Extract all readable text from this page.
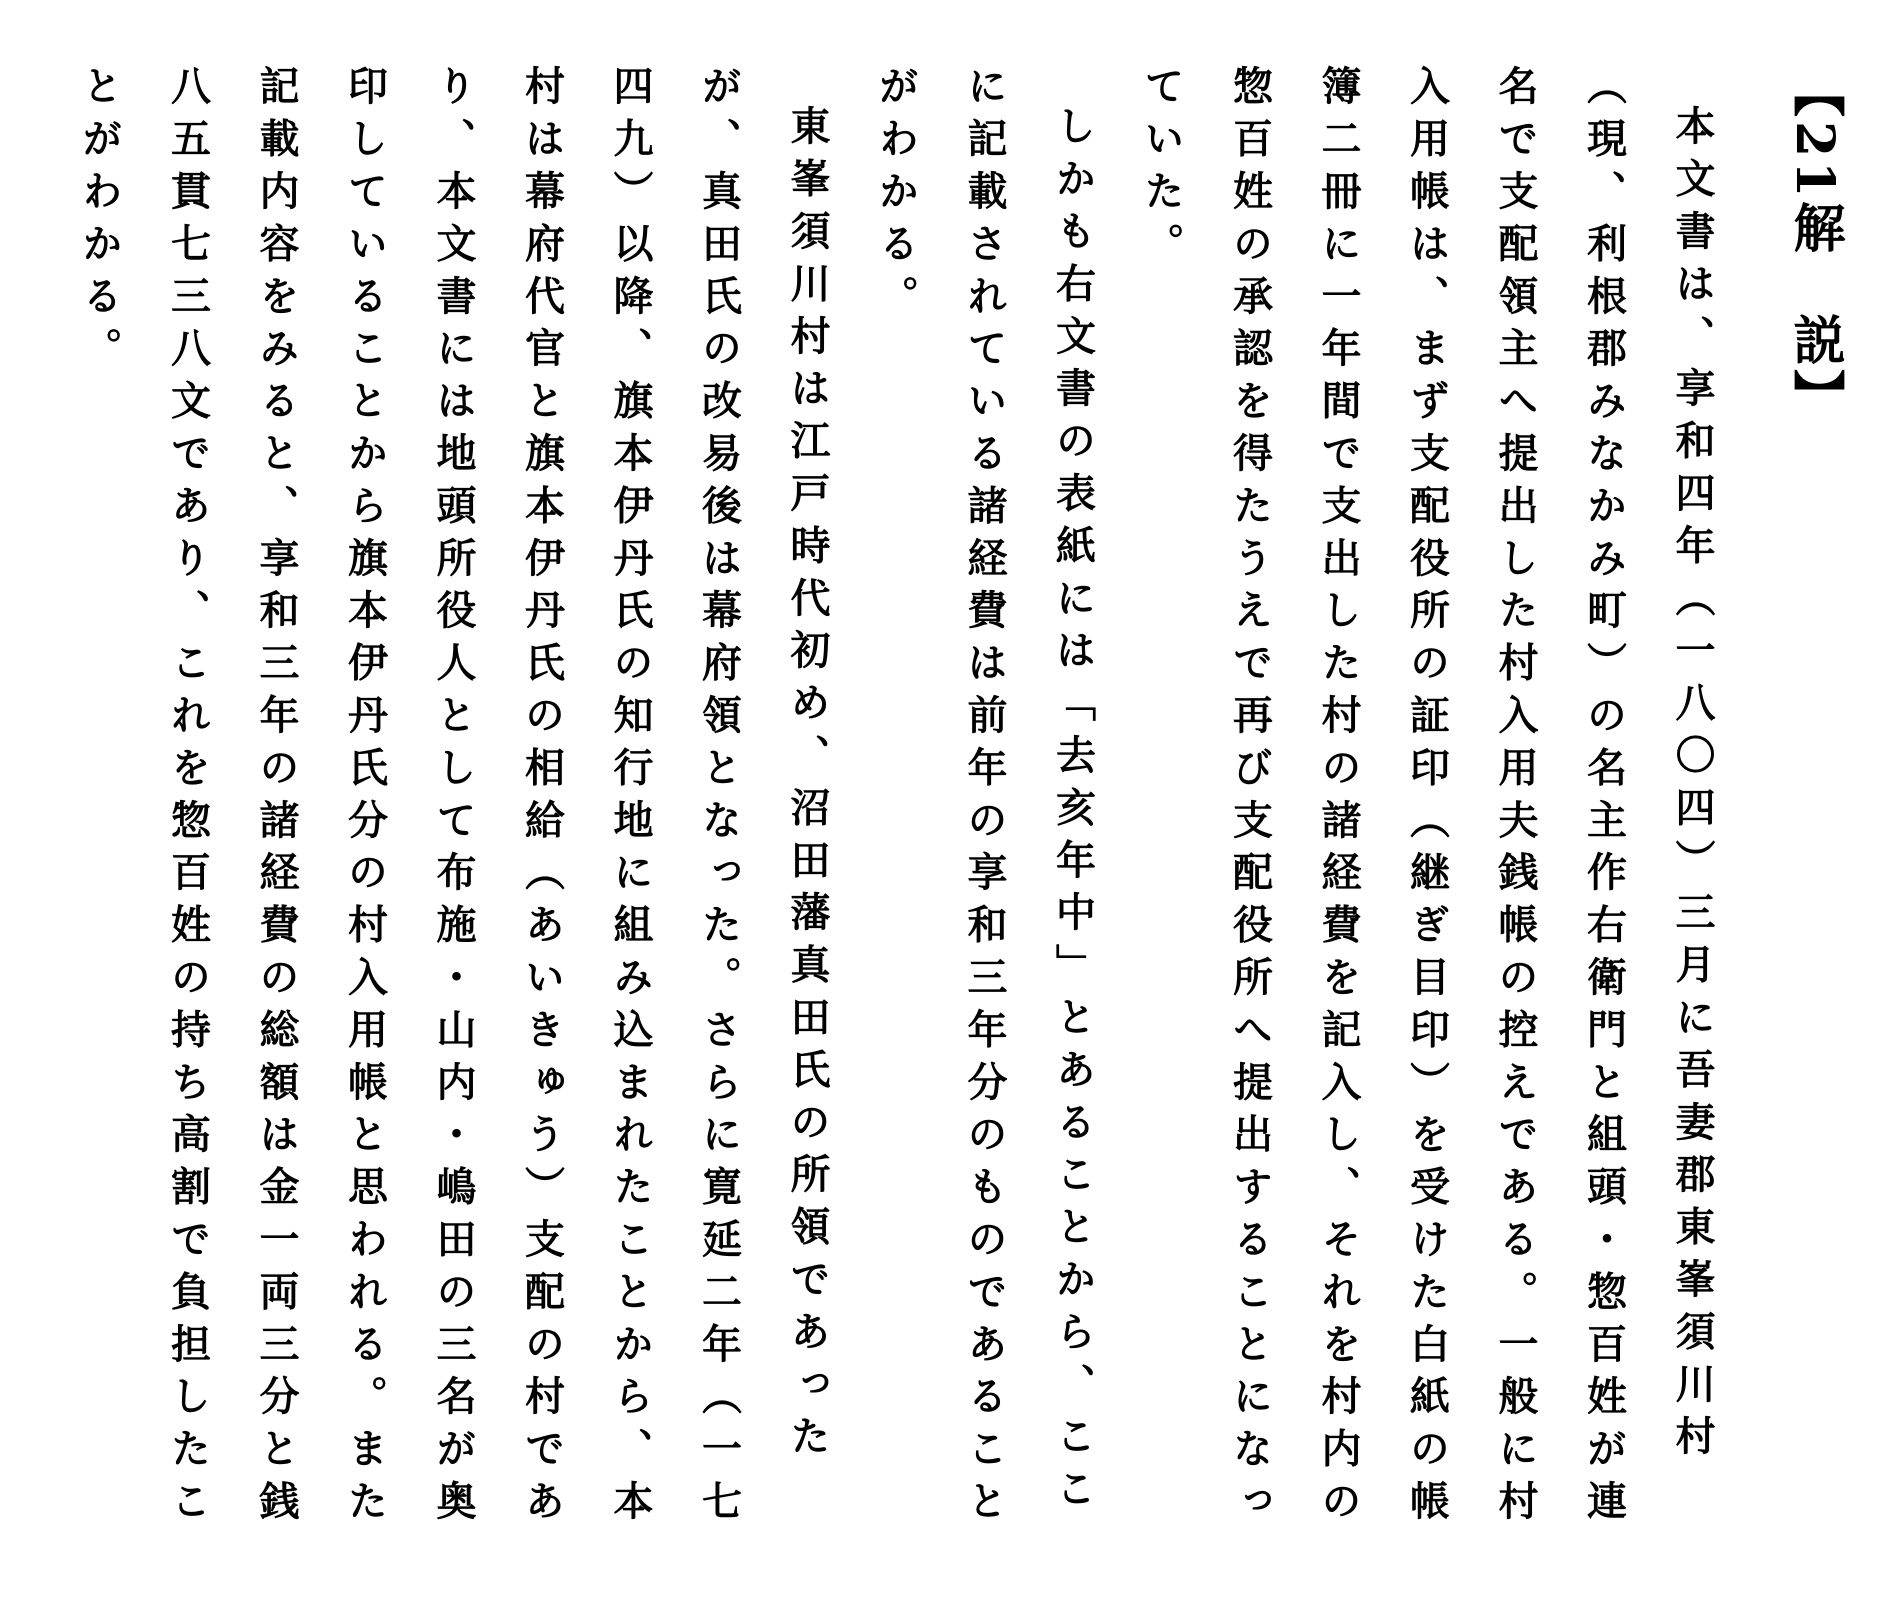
【21解　説】

本文書は、享和四年（一八〇四）三月に吾妻郡東峯須川村（現、利根郡みなかみ町）の名主作右衛門と組頭・惣百姓が連名で支配領主へ提出した村入用夫銭帳の控えである。一般に村入用帳は、まず支配役所の証印（継ぎ目印）を受けた白紙の帳簿二冊に一年間で支出した村の諸経費を記入し、それを村内の惣百姓の承認を得たうえで再び支配役所へ提出することになっていた。

しかも右文書の表紙には「去亥年中」とあることから、ここに記載されている諸経費は前年の享和三年分のものであることがわかる。

東峯須川村は江戸時代初め、沼田藩真田氏の所領であったが、真田氏の改易後は幕府領となった。さらに寛延二年（一七四九）以降、旗本伊丹氏の知行地に組み込まれたことから、本村は幕府代官と旗本伊丹氏の相給（あいきゅう）支配の村であり、本文書には地頭所役人として布施・山内・嶋田の三名が奥印していることから旗本伊丹氏分の村入用帳と思われる。また記載内容をみると、享和三年の諸経費の総額は金一両三分と銭八五貫七三八文であり、これを惣百姓の持ち高割で負担したことがわかる。
